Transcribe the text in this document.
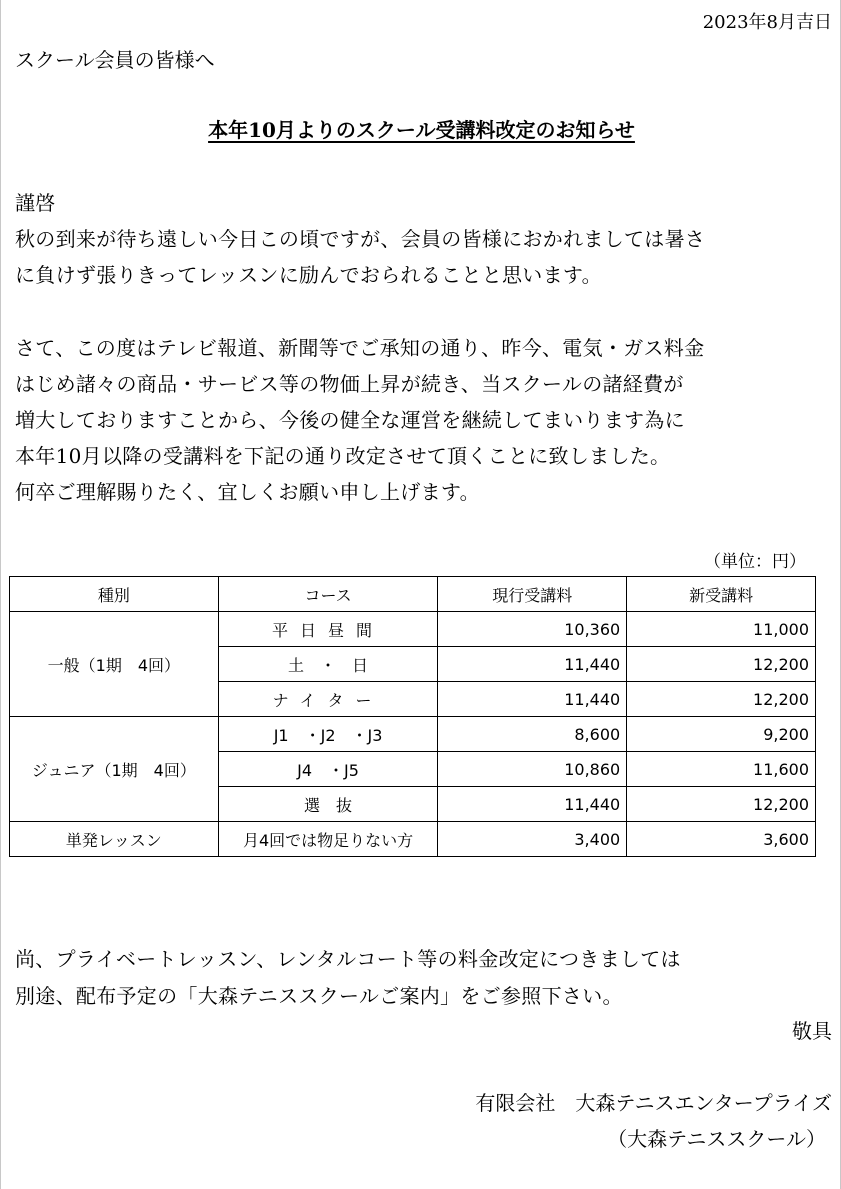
2023年8月吉日
スクール会員の皆様へ
本年10月よりのスクール受講料改定のお知らせ
謹啓
秋の到来が待ち遠しい今日この頃ですが、会員の皆様におかれましては暑さ
に負けず張りきってレッスンに励んでおられることと思います。
さて、この度はテレビ報道、新聞等でご承知の通り、昨今、電気・ガス料金
はじめ諸々の商品・サービス等の物価上昇が続き、当スクールの諸経費が
増大しておりますことから、今後の健全な運営を継続してまいります為に
本年10月以降の受講料を下記の通り改定させて頂くことに致しました。
何卒ご理解賜りたく、宜しくお願い申し上げます。
（単位：円）
種別	コース	現行受講料	新受講料
一般（1期　4回）	平日昼間	10,360	11,000
	土　・　日	11,440	12,200
	ナイター	11,440	12,200
ジュニア（1期　4回）	J1　・J2　・J3	8,600	9,200
	J4　・J5	10,860	11,600
	選　抜	11,440	12,200
単発レッスン	月4回では物足りない方	3,400	3,600
尚、プライベートレッスン、レンタルコート等の料金改定につきましては
別途、配布予定の「大森テニススクールご案内」をご参照下さい。
敬具
有限会社　大森テニスエンタープライズ
（大森テニススクール）
